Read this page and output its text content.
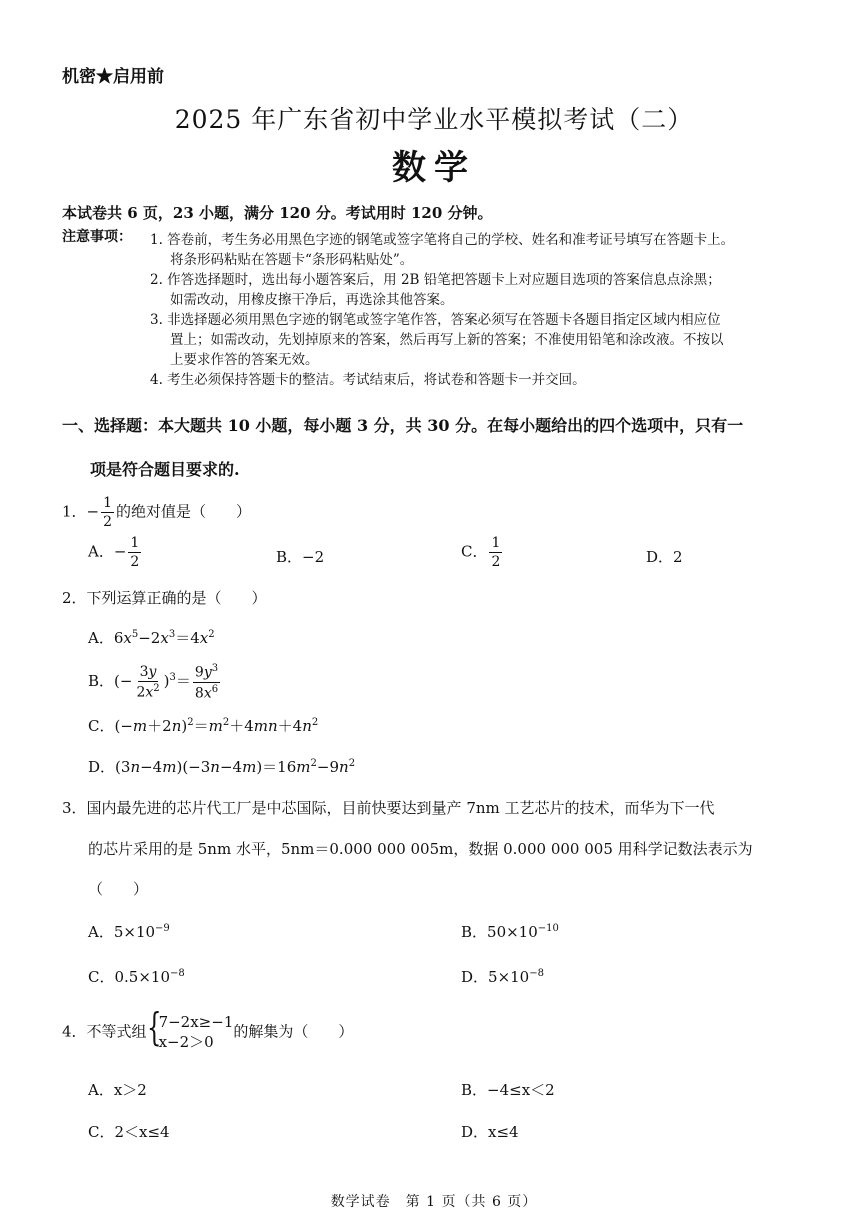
机密★启用前
2025 年广东省初中学业水平模拟考试（二）
数学
本试卷共 6 页，23 小题，满分 120 分。考试用时 120 分钟。
注意事项： 1. 答卷前，考生务必用黑色字迹的钢笔或签字笔将自己的学校、姓名和准考证号填写在答题卡上。
将条形码粘贴在答题卡“条形码粘贴处”。
2. 作答选择题时，选出每小题答案后，用 2B 铅笔把答题卡上对应题目选项的答案信息点涂黑；
如需改动，用橡皮擦干净后，再选涂其他答案。
3. 非选择题必须用黑色字迹的钢笔或签字笔作答，答案必须写在答题卡各题目指定区域内相应位
置上；如需改动，先划掉原来的答案，然后再写上新的答案；不准使用铅笔和涂改液。不按以
上要求作答的答案无效。
4. 考生必须保持答题卡的整洁。考试结束后，将试卷和答题卡一并交回。
一、选择题：本大题共 10 小题，每小题 3 分，共 30 分。在每小题给出的四个选项中，只有一
项是符合题目要求的.
1．− $\frac{1}{2}$ 的绝对值是（　　）
A．− $\frac{1}{2}$	B．−2	C． $\frac{1}{2}$	D．2
2．下列运算正确的是（　　）
A．$6x^5-2x^3=4x^2$
B．(− $\frac{3y}{2x^2} )^3= \frac{9y^3}{8x^6}$
C．$(-m+2n)^2=m^2+4mn+4n^2$
D．$(3n-4m)(-3n-4m)=16m^2-9n^2$
3．国内最先进的芯片代工厂是中芯国际，目前快要达到量产 7nm 工艺芯片的技术，而华为下一代
的芯片采用的是 5nm 水平，5nm＝0.000 000 005m，数据 0.000 000 005 用科学记数法表示为
（　　）
A．$5\times 10^{-9}$	B．$50\times 10^{-10}$
C．$0.5\times 10^{-8}$	D．$5\times 10^{-8}$
4．不等式组 {
7−2x≥−1
x−2＞0
的解集为（　　）
A．x＞2	B．−4≤x＜2
C．2＜x≤4	D．x≤4
数学试卷　第 1 页（共 6 页）
